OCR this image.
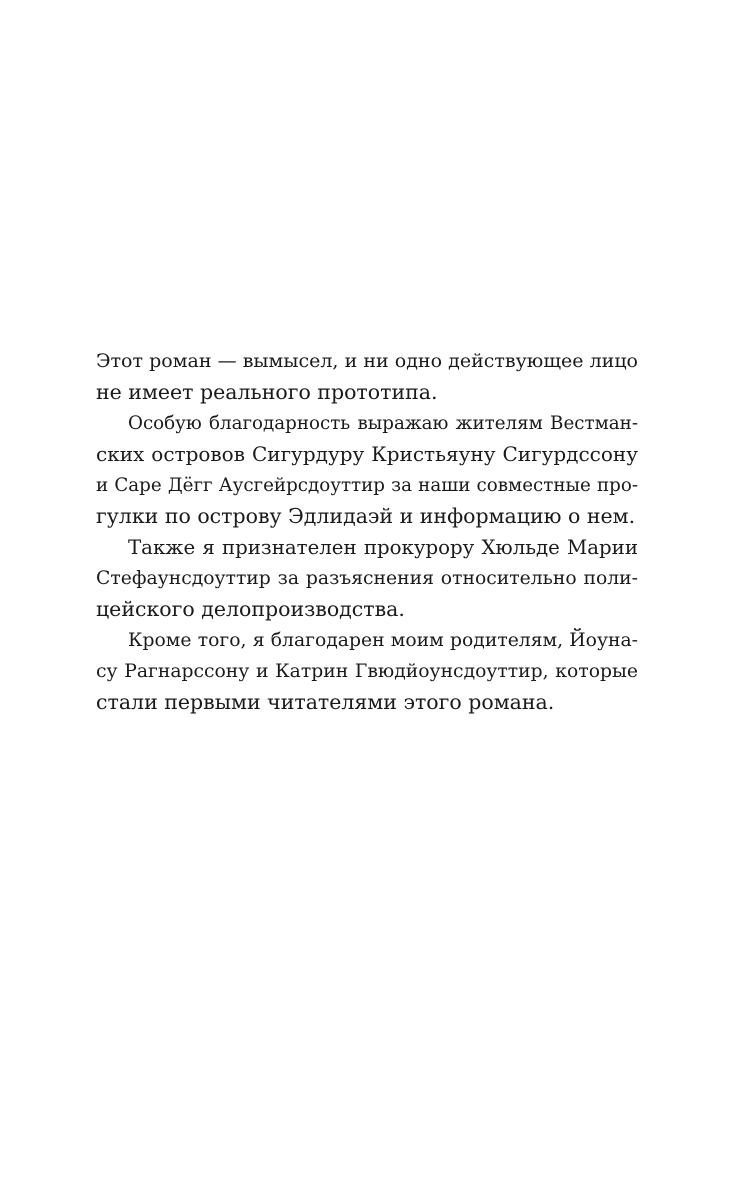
Этот роман — вымысел, и ни одно действующее лицо
не имеет реального прототипа.
Особую благодарность выражаю жителям Вестман-
ских островов Сигурдуру Кристьяуну Сигурдссону
и Саре Дёгг Аусгейрсдоуттир за наши совместные про-
гулки по острову Эдлидаэй и информацию о нем.
Также я признателен прокурору Хюльде Марии
Стефаунсдоуттир за разъяснения относительно поли-
цейского делопроизводства.
Кроме того, я благодарен моим родителям, Йоуна-
су Рагнарссону и Катрин Гвюдйоунсдоуттир, которые
стали первыми читателями этого романа.
